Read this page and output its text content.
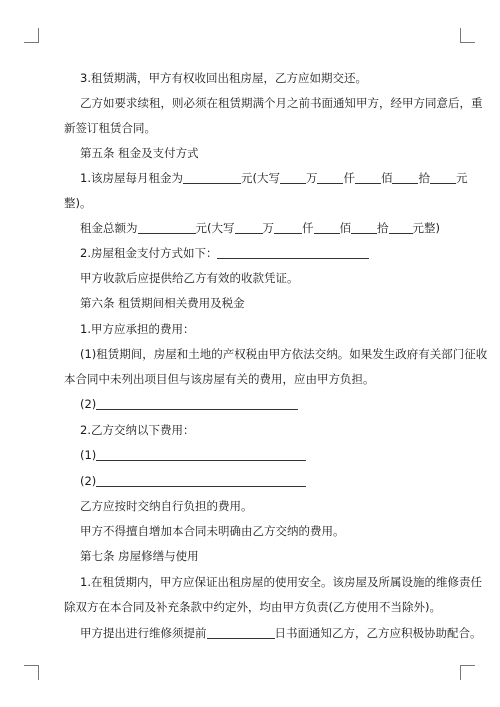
3.租赁期满，甲方有权收回出租房屋，乙方应如期交还。
乙方如要求续租，则必须在租赁期满个月之前书面通知甲方，经甲方同意后，重
新签订租赁合同。
第五条 租金及支付方式
1.该房屋每月租金为	元(大写 万 仟 佰 拾 元
整)。
租金总额为	元(大写 万 仟 佰 拾 元整)
2.房屋租金支付方式如下：
甲方收款后应提供给乙方有效的收款凭证。
第六条 租赁期间相关费用及税金
1.甲方应承担的费用：
(1)租赁期间，房屋和土地的产权税由甲方依法交纳。如果发生政府有关部门征收
本合同中未列出项目但与该房屋有关的费用，应由甲方负担。
(2)
2.乙方交纳以下费用：
(1)
(2)
乙方应按时交纳自行负担的费用。
甲方不得擅自增加本合同未明确由乙方交纳的费用。
第七条 房屋修缮与使用
1.在租赁期内，甲方应保证出租房屋的使用安全。该房屋及所属设施的维修责任
除双方在本合同及补充条款中约定外，均由甲方负责(乙方使用不当除外)。
甲方提出进行维修须提前	日书面通知乙方，乙方应积极协助配合。
